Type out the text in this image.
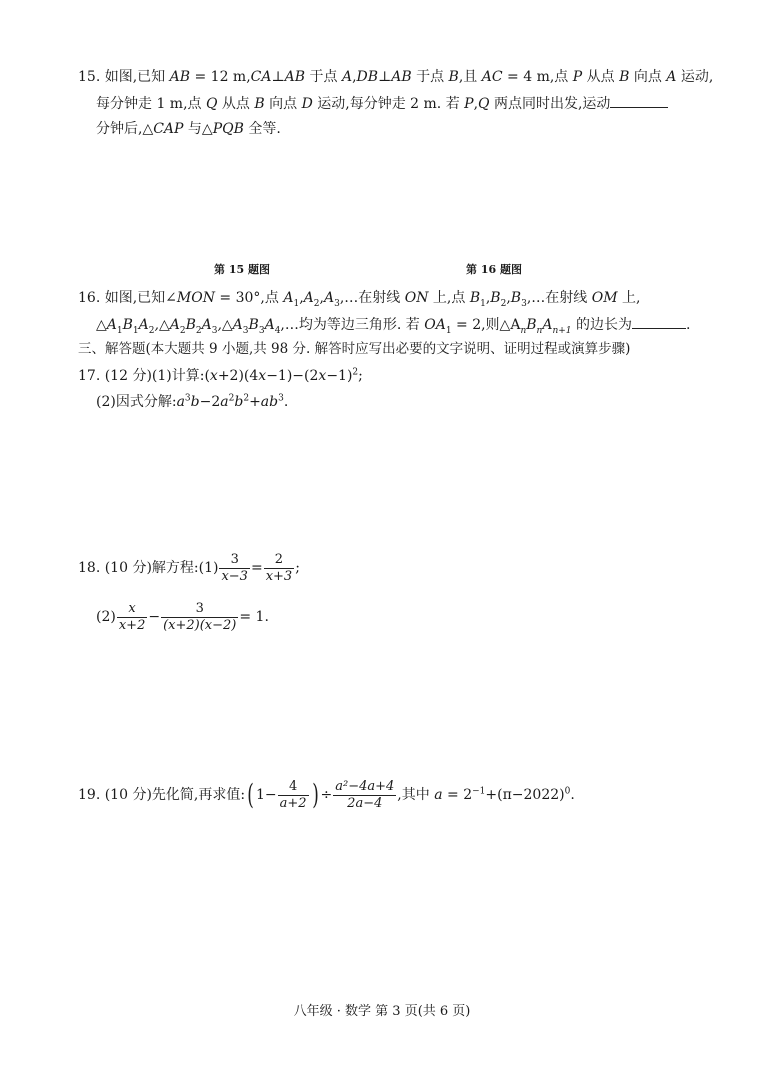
15. 如图,已知 AB = 12 m,CA⊥AB 于点 A,DB⊥AB 于点 B,且 AC = 4 m,点 P 从点 B 向点 A 运动,
每分钟走 1 m,点 Q 从点 B 向点 D 运动,每分钟走 2 m. 若 P,Q 两点同时出发,运动
分钟后,△CAP 与△PQB 全等.
第 15 题图	第 16 题图
16. 如图,已知∠MON = 30°,点 $A_1,A_2,A_3,\dots$在射线 ON 上,点 $B_1,B_2,B_3,\dots$在射线 OM 上,
$\triangle A_1B_1A_2,\triangle A_2B_2A_3,\triangle A_3B_3A_4,\dots$均为等边三角形. 若 $OA_1 = 2$,则$\triangle A_nB_nA_{n+1}$ 的边长为	.
三、解答题(本大题共 9 小题,共 98 分. 解答时应写出必要的文字说明、证明过程或演算步骤)
17. (12 分)(1)计算$:(x+2)(4x-1)-(2x-1)^2$;
(2)因式分解$:a^3b-2a^2b^2+ab^3$.
18. (10 分)解方程:(1) $\frac{3}{x-3} = \frac{2}{x+3}$ ;
$(2) \frac{x}{x+2} - \frac{3}{(x+2)(x-2)} = 1$.
19. (10 分)先化简,再求值:( $1- \frac{4}{a+2}$ ) ÷ $\frac{\text{a²−4a+4}}{2a-4}$ ,其中 $a = 2^{-1}+(\pi-2022)^0$.
八年级 · 数学 第 3 页(共 6 页)
